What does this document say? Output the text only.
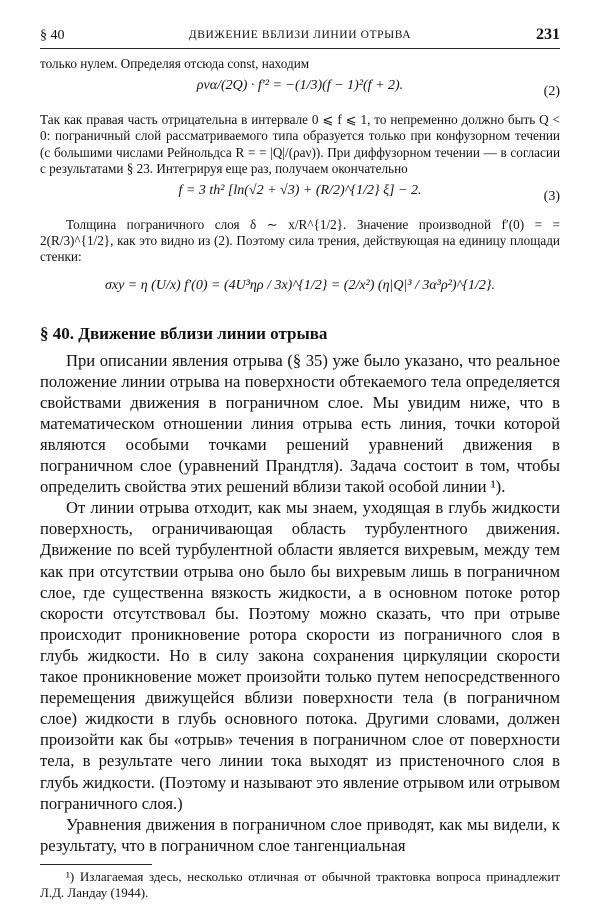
§ 40	ДВИЖЕНИЕ ВБЛИЗИ ЛИНИИ ОТРЫВА	231

только нулем. Определяя отсюда const, находим

ρνα/(2Q) · f′² = −(1/3)(f − 1)²(f + 2).	(2)

Так как правая часть отрицательна в интервале 0 ⩽ f ⩽ 1, то непременно должно быть Q < 0: пограничный слой рассматриваемого типа образуется только при конфузорном течении (с большими числами Рейнольдса R = = |Q|/(ρaν)). При диффузорном течении — в согласии с результатами § 23. Интегрируя еще раз, получаем окончательно

f = 3 th² [ln(√2 + √3) + (R/2)^{1/2} ξ] − 2.	(3)

Толщина пограничного слоя δ ∼ x/R^{1/2}. Значение производной f′(0) = = 2(R/3)^{1/2}, как это видно из (2). Поэтому сила трения, действующая на единицу площади стенки:

σxy = η (U/x) f′(0) = (4U³ηρ / 3x)^{1/2} = (2/x²) (η|Q|³ / 3α³ρ²)^{1/2}.
§ 40. Движение вблизи линии отрыва

При описании явления отрыва (§ 35) уже было указано, что реальное положение линии отрыва на поверхности обтекаемого тела определяется свойствами движения в пограничном слое. Мы увидим ниже, что в математическом отношении линия отрыва есть линия, точки которой являются особыми точками решений уравнений движения в пограничном слое (уравнений Прандтля). Задача состоит в том, чтобы определить свойства этих решений вблизи такой особой линии ¹).

От линии отрыва отходит, как мы знаем, уходящая в глубь жидкости поверхность, ограничивающая область турбулентного движения. Движение по всей турбулентной области является вихревым, между тем как при отсутствии отрыва оно было бы вихревым лишь в пограничном слое, где существенна вязкость жидкости, а в основном потоке ротор скорости отсутствовал бы. Поэтому можно сказать, что при отрыве происходит проникновение ротора скорости из пограничного слоя в глубь жидкости. Но в силу закона сохранения циркуляции скорости такое проникновение может произойти только путем непосредственного перемещения движущейся вблизи поверхности тела (в пограничном слое) жидкости в глубь основного потока. Другими словами, должен произойти как бы «отрыв» течения в пограничном слое от поверхности тела, в результате чего линии тока выходят из пристеночного слоя в глубь жидкости. (Поэтому и называют это явление отрывом или отрывом пограничного слоя.)

Уравнения движения в пограничном слое приводят, как мы видели, к результату, что в пограничном слое тангенциальная

¹) Излагаемая здесь, несколько отличная от обычной трактовка вопроса принадлежит Л.Д. Ландау (1944).
